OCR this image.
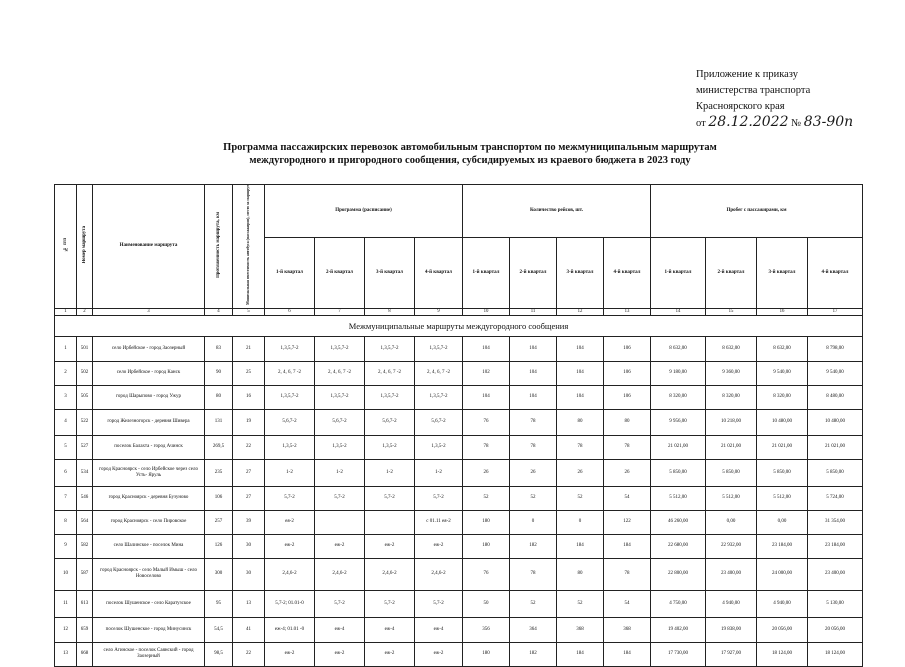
Приложение к приказу
министерства транспорта
Красноярского края
от 28.12.2022 № 83-90п
Программа пассажирских перевозок автомобильным транспортом по межмуниципальным маршрутам
междугородного и пригородного сообщения, субсидируемых из краевого бюджета в 2023 году
№ п/п	Номер маршрута	Наименование маршрута	Протяженность маршрута, км	Минимальная вместимость автобуса (пассажиров), место за маршрут	Программа (расписание)				Количество рейсов, шт.				Пробег с пассажирами, км			
					1-й квартал	2-й квартал	3-й квартал	4-й квартал	1-й квартал	2-й квартал	3-й квартал	4-й квартал	1-й квартал	2-й квартал	3-й квартал	4-й квартал
1	2	3	4	5	6	7	8	9	10	11	12	13	14	15	16	17
Межмуниципальные маршруты междугородного сообщения																
1	501	село Ирбейское - город Заозерный	83	21	1,3,5,7-2	1,3,5,7-2	1,3,5,7-2	1,3,5,7-2	104	104	104	106	8 632,00	8 632,00	8 632,00	8 798,00
2	502	село Ирбейское - город Канск	90	25	2, 4, 6, 7 -2	2, 4, 6, 7 -2	2, 4, 6, 7 -2	2, 4, 6, 7 -2	102	104	104	106	9 180,00	9 360,00	9 540,00	9 540,00
3	505	город Шарыпово - город Ужур	80	16	1,3,5,7-2	1,3,5,7-2	1,3,5,7-2	1,3,5,7-2	104	104	104	106	8 320,00	8 320,00	8 320,00	8 480,00
4	522	город Железногорск - деревня Шивера	131	19	5,6,7-2	5,6,7-2	5,6,7-2	5,6,7-2	76	78	80	80	9 956,00	10 218,00	10 480,00	10 480,00
5	527	поселок Балахта - город Ачинск	269,5	22	1,3,5-2	1,3,5-2	1,3,5-2	1,3,5-2	78	78	78	78	21 021,00	21 021,00	21 021,00	21 021,00
6	534	город Красноярск - село Ирбейское через село Усть- Яруль	235	27	1-2	1-2	1-2	1-2	26	26	26	26	5 850,00	5 850,00	5 850,00	5 850,00
7	546	город Красноярск - деревня Бузуново	106	27	5,7-2	5,7-2	5,7-2	5,7-2	52	52	52	54	5 512,00	5 512,00	5 512,00	5 724,00
8	564	город Красноярск - село Пировское	257	39	ея-2			с 01.11 ея-2	180	0	0	122	46 260,00	0,00	0,00	31 354,00
9	582	село Шалинское - поселок Мина	126	30	еж-2	еж-2	еж-2	еж-2	180	182	184	184	22 680,00	22 932,00	23 184,00	23 184,00
10	587	город Красноярск - село Малый Имыш - село Новоселово	300	30	2,4,6-2	2,4,6-2	2,4,6-2	2,4,6-2	76	78	80	78	22 800,00	23 400,00	24 000,00	23 400,00
11	613	поселок Шушенское - село Каратузское	95	13	5,7-2; 01.01-0	5,7-2	5,7-2	5,7-2	50	52	52	54	4 750,00	4 940,00	4 940,00	5 130,00
12	659	поселок Шушенское - город Минусинск	54,5	41	еж-4; 01.01 -0	еж-4	еж-4	еж-4	356	364	368	368	19 402,00	19 838,00	20 056,00	20 056,00
13	668	село Агинское - поселок Саянский - город Заозерный	98,5	22	еж-2	еж-2	еж-2	еж-2	180	182	184	184	17 730,00	17 927,00	18 124,00	18 124,00
